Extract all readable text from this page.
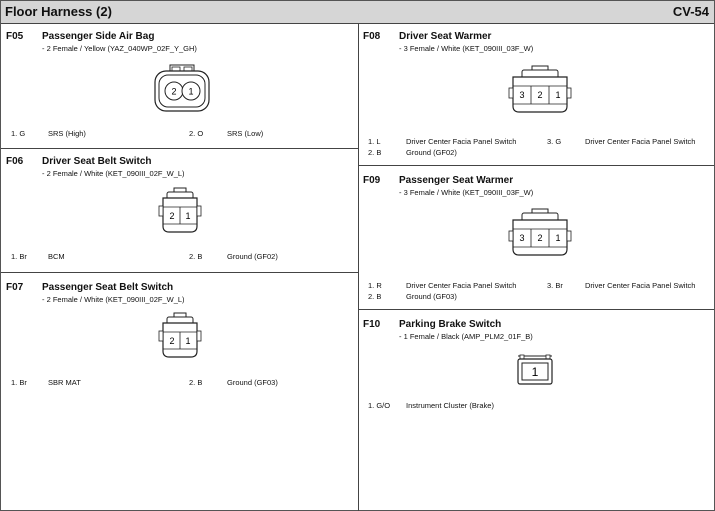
Floor Harness (2)	CV-54
F05 Passenger Side Air Bag
- 2 Female / Yellow (YAZ_040WP_02F_Y_GH)
2 1
1. G	SRS (High)	2. O	SRS (Low)
F06 Driver Seat Belt Switch
- 2 Female / White (KET_090III_02F_W_L)
2 1
1. Br	BCM	2. B	Ground (GF02)
F07 Passenger Seat Belt Switch
- 2 Female / White (KET_090III_02F_W_L)
2 1
1. Br	SBR MAT	2. B	Ground (GF03)
F08 Driver Seat Warmer
- 3 Female / White (KET_090III_03F_W)
3 2 1
1. L	Driver Center Facia Panel Switch
2. B	Ground (GF02)
3. G	Driver Center Facia Panel Switch
F09 Passenger Seat Warmer
- 3 Female / White (KET_090III_03F_W)
3 2 1
1. R	Driver Center Facia Panel Switch
2. B	Ground (GF03)
3. Br	Driver Center Facia Panel Switch
F10 Parking Brake Switch
- 1 Female / Black (AMP_PLM2_01F_B)
1
1. G/O Instrument Cluster (Brake)
